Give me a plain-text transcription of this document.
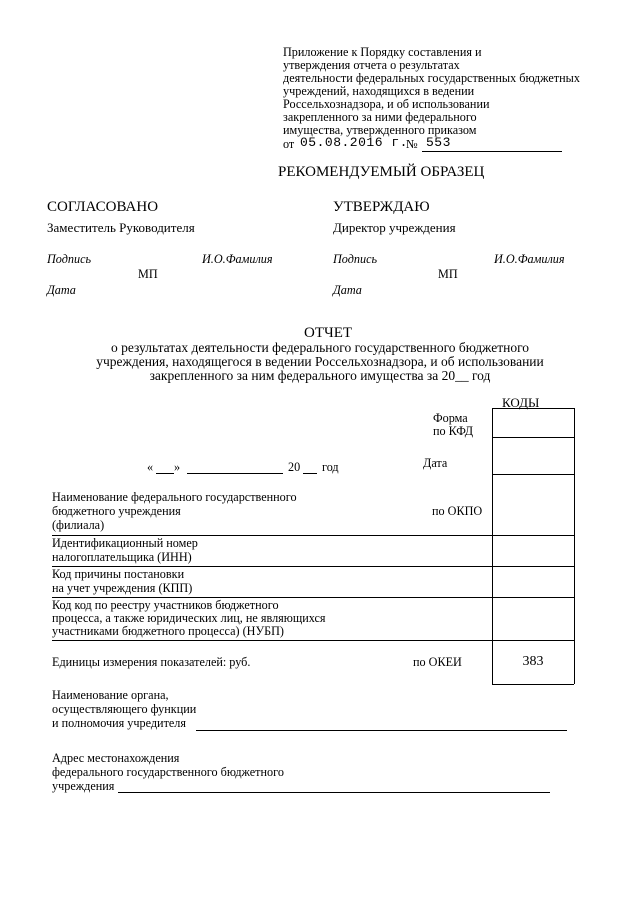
Приложение к Порядку составления и
утверждения отчета о результатах
деятельности федеральных государственных бюджетных
учреждений, находящихся в ведении
Россельхознадзора, и об использовании
закрепленного за ними федерального
имущества, утвержденного приказом
от 05.08.2016 г.
№ 553
РЕКОМЕНДУЕМЫЙ ОБРАЗЕЦ
СОГЛАСОВАНО
Заместитель Руководителя
Подпись	И.О.Фамилия
МП
Дата
УТВЕРЖДАЮ
Директор учреждения
Подпись	И.О.Фамилия
МП
Дата
ОТЧЕТ
о результатах деятельности федерального государственного бюджетного
учреждения, находящегося в ведении Россельхознадзора, и об использовании
закрепленного за ним федерального имущества за 20__ год
КОДЫ
Форма
по КФД
« »	20 год	Дата
Наименование федерального государственного
бюджетного учреждения
(филиала)
по ОКПО
Идентификационный номер
налогоплательщика (ИНН)
Код причины постановки
на учет учреждения (КПП)
Код код по реестру участников бюджетного
процесса, а также юридических лиц, не являющихся
участниками бюджетного процесса) (НУБП)
Единицы измерения показателей: руб.	по ОКЕИ	383
Наименование органа,
осуществляющего функции
и полномочия учредителя
Адрес местонахождения
федерального государственного бюджетного
учреждения
